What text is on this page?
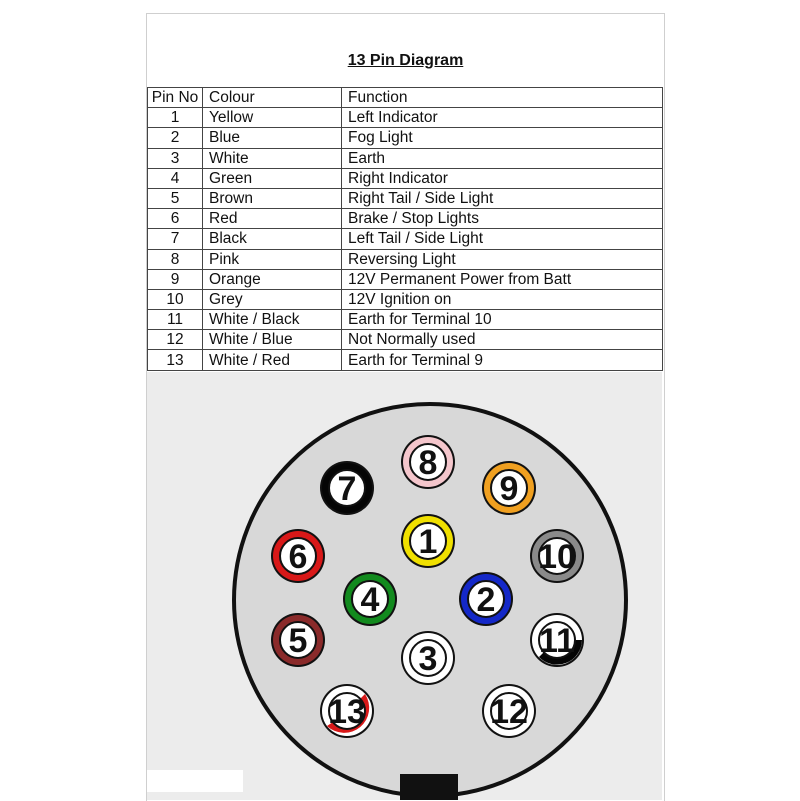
13 Pin Diagram
Pin No	Colour	Function
1	Yellow	Left Indicator
2	Blue	Fog Light
3	White	Earth
4	Green	Right Indicator
5	Brown	Right Tail / Side Light
6	Red	Brake / Stop Lights
7	Black	Left Tail / Side Light
8	Pink	Reversing Light
9	Orange	12V Permanent Power from Batt
10	Grey	12V Ignition on
11	White / Black	Earth for Terminal 10
12	White / Blue	Not Normally used
13	White / Red	Earth for Terminal 9
1
2
3
4
5
6
7
8
9
10
11
12
13
